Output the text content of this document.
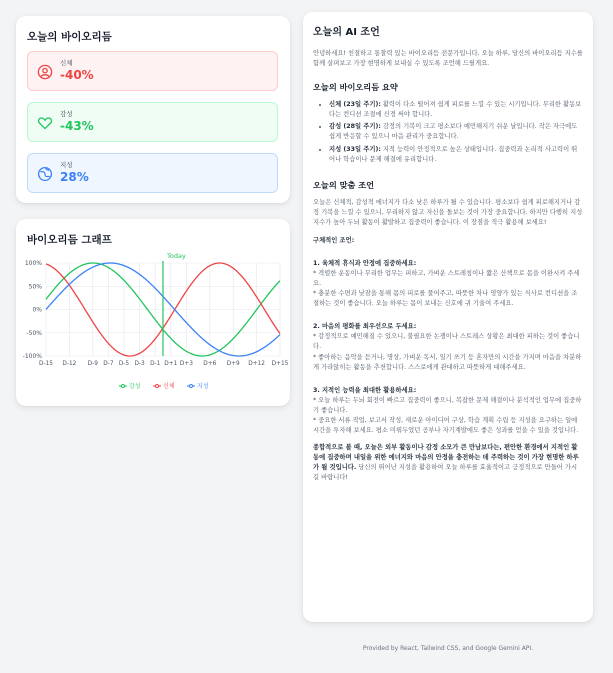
오늘의 바이오리듬
신체
-40%
감성
-43%
지성
28%
바이오리듬 그래프
100%
50%
0%
-50%
-100%
D-15 D-12 D-9 D-7 D-5 D-3 D-1 D+1 D+3 D+6 D+9 D+12 D+15
Today
감성	신체	지성
오늘의 AI 조언
안녕하세요! 친절하고 통찰력 있는 바이오리듬 전문가입니다. 오늘 하루, 당신의 바이오리듬 지수를 함께 살펴보고 가장 현명하게 보내실 수 있도록 조언해 드릴게요.
오늘의 바이오리듬 요약
• 신체 (23일 주기): 활력이 다소 떨어져 쉽게 피로를 느낄 수 있는 시기입니다. 무리한 활동보다는 컨디션 조절에 신경 써야 합니다.
• 감성 (28일 주기): 감정의 기복이 크고 평소보다 예민해지기 쉬운 날입니다. 작은 자극에도 쉽게 반응할 수 있으니 마음 관리가 중요합니다.
• 지성 (33일 주기): 지적 능력이 안정적으로 높은 상태입니다. 집중력과 논리적 사고력이 뛰어나 학습이나 문제 해결에 유리합니다.
오늘의 맞춤 조언
오늘은 신체적, 감성적 에너지가 다소 낮은 하루가 될 수 있습니다. 평소보다 쉽게 피로해지거나 감정 기복을 느낄 수 있으니, 무리하지 않고 자신을 돌보는 것이 가장 중요합니다. 하지만 다행히 지성 지수가 높아 두뇌 활동이 활발하고 집중력이 좋습니다. 이 장점을 적극 활용해 보세요!
구체적인 조언:
1. 육체적 휴식과 안정에 집중하세요:
* 격렬한 운동이나 무리한 업무는 피하고, 가벼운 스트레칭이나 짧은 산책으로 몸을 이완시켜 주세요.
* 충분한 수면과 낮잠을 통해 몸의 피로를 풀어주고, 따뜻한 차나 영양가 있는 식사로 컨디션을 조절하는 것이 좋습니다. 오늘 하루는 몸이 보내는 신호에 귀 기울여 주세요.
2. 마음의 평화를 최우선으로 두세요:
* 감정적으로 예민해질 수 있으니, 불필요한 논쟁이나 스트레스 상황은 최대한 피하는 것이 좋습니다.
* 좋아하는 음악을 듣거나, 명상, 가벼운 독서, 일기 쓰기 등 혼자만의 시간을 가지며 마음을 차분하게 가라앉히는 활동을 추천합니다. 스스로에게 관대하고 따뜻하게 대해주세요.
3. 지적인 능력을 최대한 활용하세요:
* 오늘 하루는 두뇌 회전이 빠르고 집중력이 좋으니, 복잡한 문제 해결이나 분석적인 업무에 집중하기 좋습니다.
* 중요한 서류 작업, 보고서 작성, 새로운 아이디어 구상, 학습 계획 수립 등 지성을 요구하는 일에 시간을 투자해 보세요. 평소 미뤄두었던 공부나 자기계발에도 좋은 성과를 얻을 수 있을 것입니다.
종합적으로 볼 때, 오늘은 외부 활동이나 감정 소모가 큰 만남보다는, 편안한 환경에서 지적인 활동에 집중하며 내일을 위한 에너지와 마음의 안정을 충전하는 데 주력하는 것이 가장 현명한 하루가 될 것입니다. 당신의 뛰어난 지성을 활용하여 오늘 하루를 효율적이고 긍정적으로 만들어 가시길 바랍니다!
Provided by React, Tailwind CSS, and Google Gemini API.
